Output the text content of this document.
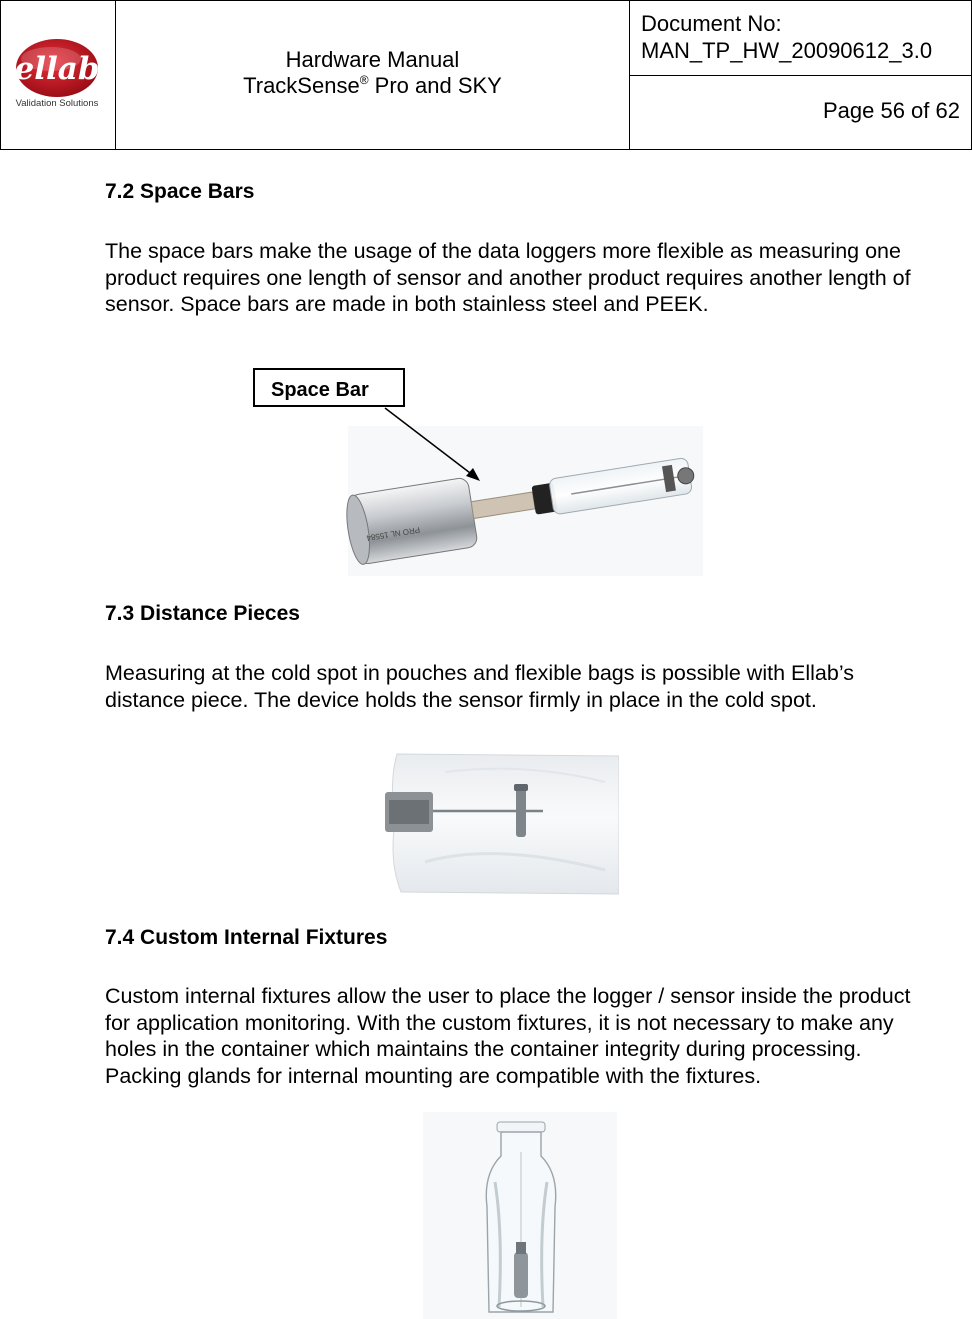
ellab
Validation Solutions
Hardware Manual
TrackSense® Pro and SKY
Document No:
MAN_TP_HW_20090612_3.0
Page 56 of 62
7.2 Space Bars
The space bars make the usage of the data loggers more flexible as measuring one
product requires one length of sensor and another product requires another length of
sensor. Space bars are made in both stainless steel and PEEK.
PRO NL 15584
Space Bar
7.3 Distance Pieces
Measuring at the cold spot in pouches and flexible bags is possible with Ellab’s
distance piece. The device holds the sensor firmly in place in the cold spot.
7.4 Custom Internal Fixtures
Custom internal fixtures allow the user to place the logger / sensor inside the product
for application monitoring. With the custom fixtures, it is not necessary to make any
holes in the container which maintains the container integrity during processing.
Packing glands for internal mounting are compatible with the fixtures.
